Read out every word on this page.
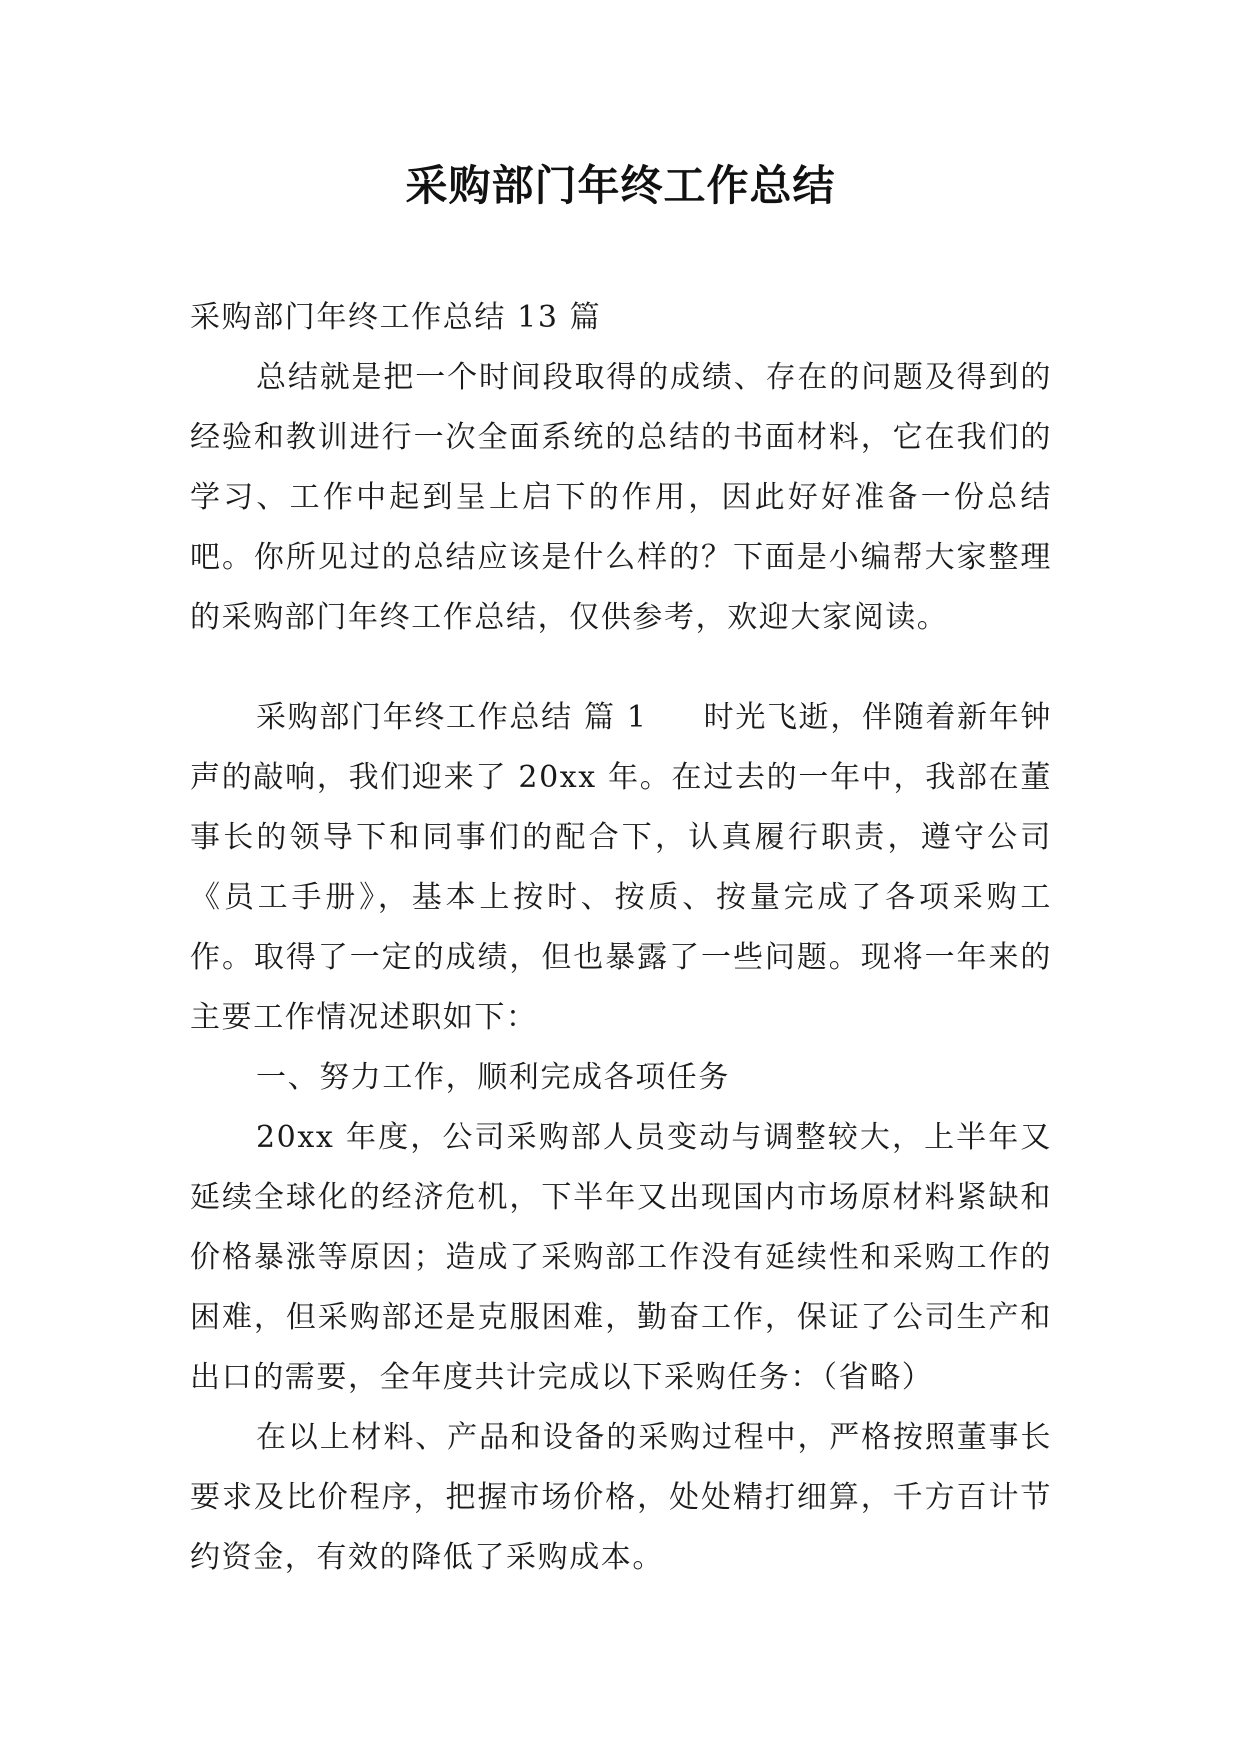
采购部门年终工作总结

采购部门年终工作总结 13 篇

总结就是把一个时间段取得的成绩、存在的问题及得到的经验和教训进行一次全面系统的总结的书面材料，它在我们的学习、工作中起到呈上启下的作用，因此好好准备一份总结吧。你所见过的总结应该是什么样的？下面是小编帮大家整理的采购部门年终工作总结，仅供参考，欢迎大家阅读。

采购部门年终工作总结 篇 1 时光飞逝，伴随着新年钟声的敲响，我们迎来了 20xx 年。在过去的一年中，我部在董事长的领导下和同事们的配合下，认真履行职责，遵守公司《员工手册》，基本上按时、按质、按量完成了各项采购工作。取得了一定的成绩，但也暴露了一些问题。现将一年来的主要工作情况述职如下：

一、努力工作，顺利完成各项任务

20xx 年度，公司采购部人员变动与调整较大，上半年又延续全球化的经济危机，下半年又出现国内市场原材料紧缺和价格暴涨等原因；造成了采购部工作没有延续性和采购工作的困难，但采购部还是克服困难，勤奋工作，保证了公司生产和出口的需要，全年度共计完成以下采购任务：（省略）

在以上材料、产品和设备的采购过程中，严格按照董事长要求及比价程序，把握市场价格，处处精打细算，千方百计节约资金，有效的降低了采购成本。
